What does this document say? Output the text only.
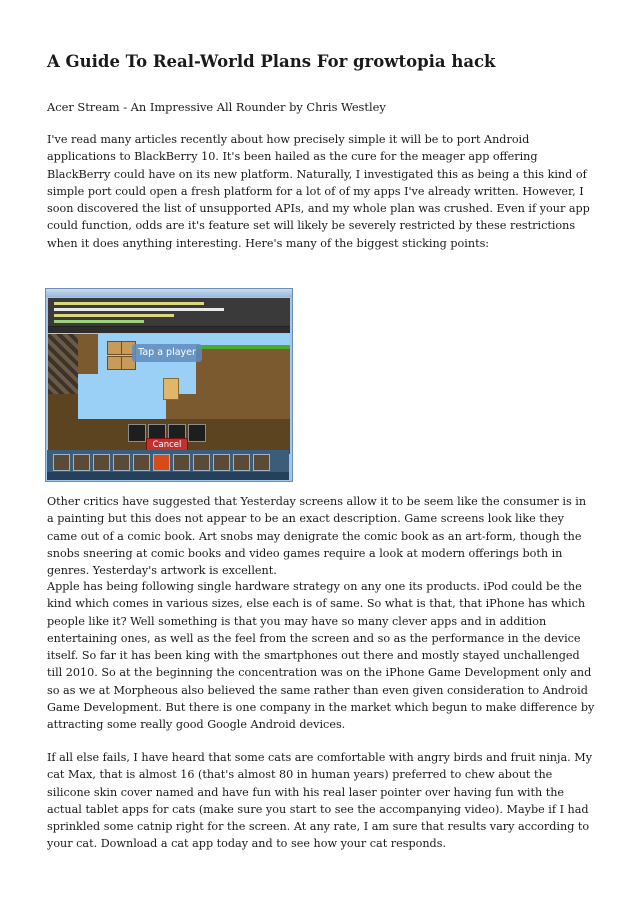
A Guide To Real-World Plans For growtopia hack

Acer Stream - An Impressive All Rounder by Chris Westley

I've read many articles recently about how precisely simple it will be to port Android applications to BlackBerry 10. It's been hailed as the cure for the meager app offering BlackBerry could have on its new platform. Naturally, I investigated this as being a this kind of simple port could open a fresh platform for a lot of of my apps I've already written. However, I soon discovered the list of unsupported APIs, and my whole plan was crushed. Even if your app could function, odds are it's feature set will likely be severely restricted by these restrictions when it does anything interesting. Here's many of the biggest sticking points:

Other critics have suggested that Yesterday screens allow it to be seem like the consumer is in a painting but this does not appear to be an exact description. Game screens look like they came out of a comic book. Art snobs may denigrate the comic book as an art-form, though the snobs sneering at comic books and video games require a look at modern offerings both in genres. Yesterday's artwork is excellent.

Apple has being following single hardware strategy on any one its products. iPod could be the kind which comes in various sizes, else each is of same. So what is that, that iPhone has which people like it? Well something is that you may have so many clever apps and in addition entertaining ones, as well as the feel from the screen and so as the performance in the device itself. So far it has been king with the smartphones out there and mostly stayed unchallenged till 2010. So at the beginning the concentration was on the iPhone Game Development only and so as we at Morpheous also believed the same rather than even given consideration to Android Game Development. But there is one company in the market which begun to make difference by attracting some really good Google Android devices.

If all else fails, I have heard that some cats are comfortable with angry birds and fruit ninja. My cat Max, that is almost 16 (that's almost 80 in human years) preferred to chew about the silicone skin cover named and have fun with his real laser pointer over having fun with the actual tablet apps for cats (make sure you start to see the accompanying video). Maybe if I had sprinkled some catnip right for the screen. At any rate, I am sure that results vary according to your cat. Download a cat app today and to see how your cat responds.

Tap a player
Cancel
